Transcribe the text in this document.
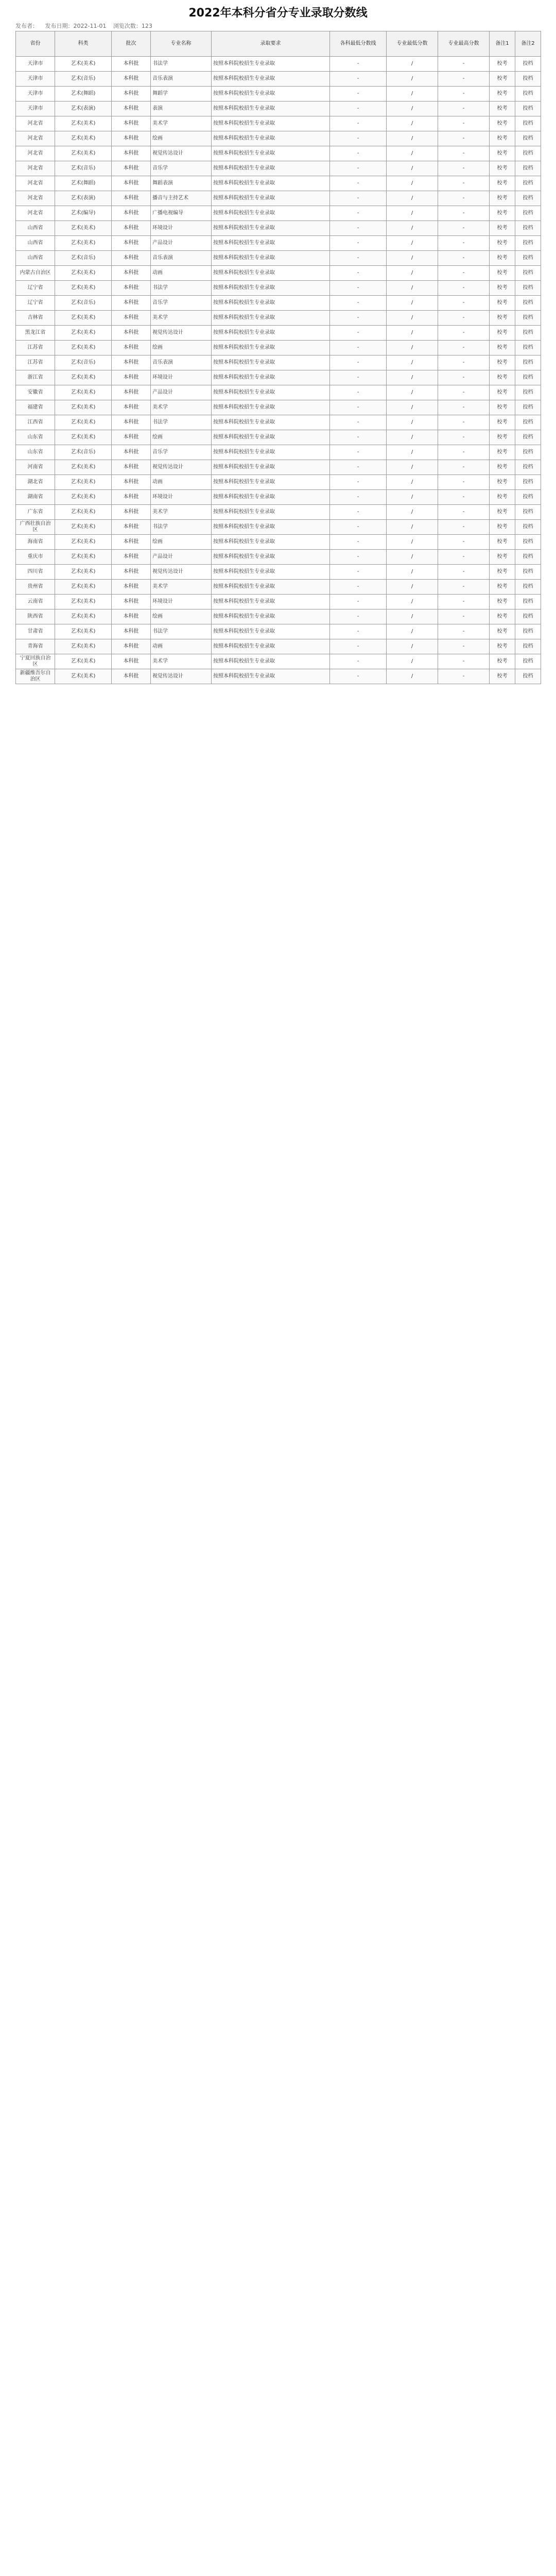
2022年本科分省分专业录取分数线
发布者： 发布日期：2022-11-01 浏览次数：123
省份	科类	批次	专业名称	录取要求	各科最低分数线	专业最低分数	专业最高分数	备注1	备注2
天津市	艺术(美术)	本科批	书法学	按照本科院校招生专业录取	-	/	-	校考	投档
天津市	艺术(音乐)	本科批	音乐表演	按照本科院校招生专业录取	-	/	-	校考	投档
天津市	艺术(舞蹈)	本科批	舞蹈学	按照本科院校招生专业录取	-	/	-	校考	投档
天津市	艺术(表演)	本科批	表演	按照本科院校招生专业录取	-	/	-	校考	投档
河北省	艺术(美术)	本科批	美术学	按照本科院校招生专业录取	-	/	-	校考	投档
河北省	艺术(美术)	本科批	绘画	按照本科院校招生专业录取	-	/	-	校考	投档
河北省	艺术(美术)	本科批	视觉传达设计	按照本科院校招生专业录取	-	/	-	校考	投档
河北省	艺术(音乐)	本科批	音乐学	按照本科院校招生专业录取	-	/	-	校考	投档
河北省	艺术(舞蹈)	本科批	舞蹈表演	按照本科院校招生专业录取	-	/	-	校考	投档
河北省	艺术(表演)	本科批	播音与主持艺术	按照本科院校招生专业录取	-	/	-	校考	投档
河北省	艺术(编导)	本科批	广播电视编导	按照本科院校招生专业录取	-	/	-	校考	投档
山西省	艺术(美术)	本科批	环境设计	按照本科院校招生专业录取	-	/	-	校考	投档
山西省	艺术(美术)	本科批	产品设计	按照本科院校招生专业录取	-	/	-	校考	投档
山西省	艺术(音乐)	本科批	音乐表演	按照本科院校招生专业录取	-	/	-	校考	投档
内蒙古自治区	艺术(美术)	本科批	动画	按照本科院校招生专业录取	-	/	-	校考	投档
辽宁省	艺术(美术)	本科批	书法学	按照本科院校招生专业录取	-	/	-	校考	投档
辽宁省	艺术(音乐)	本科批	音乐学	按照本科院校招生专业录取	-	/	-	校考	投档
吉林省	艺术(美术)	本科批	美术学	按照本科院校招生专业录取	-	/	-	校考	投档
黑龙江省	艺术(美术)	本科批	视觉传达设计	按照本科院校招生专业录取	-	/	-	校考	投档
江苏省	艺术(美术)	本科批	绘画	按照本科院校招生专业录取	-	/	-	校考	投档
江苏省	艺术(音乐)	本科批	音乐表演	按照本科院校招生专业录取	-	/	-	校考	投档
浙江省	艺术(美术)	本科批	环境设计	按照本科院校招生专业录取	-	/	-	校考	投档
安徽省	艺术(美术)	本科批	产品设计	按照本科院校招生专业录取	-	/	-	校考	投档
福建省	艺术(美术)	本科批	美术学	按照本科院校招生专业录取	-	/	-	校考	投档
江西省	艺术(美术)	本科批	书法学	按照本科院校招生专业录取	-	/	-	校考	投档
山东省	艺术(美术)	本科批	绘画	按照本科院校招生专业录取	-	/	-	校考	投档
山东省	艺术(音乐)	本科批	音乐学	按照本科院校招生专业录取	-	/	-	校考	投档
河南省	艺术(美术)	本科批	视觉传达设计	按照本科院校招生专业录取	-	/	-	校考	投档
湖北省	艺术(美术)	本科批	动画	按照本科院校招生专业录取	-	/	-	校考	投档
湖南省	艺术(美术)	本科批	环境设计	按照本科院校招生专业录取	-	/	-	校考	投档
广东省	艺术(美术)	本科批	美术学	按照本科院校招生专业录取	-	/	-	校考	投档
广西壮族自治区	艺术(美术)	本科批	书法学	按照本科院校招生专业录取	-	/	-	校考	投档
海南省	艺术(美术)	本科批	绘画	按照本科院校招生专业录取	-	/	-	校考	投档
重庆市	艺术(美术)	本科批	产品设计	按照本科院校招生专业录取	-	/	-	校考	投档
四川省	艺术(美术)	本科批	视觉传达设计	按照本科院校招生专业录取	-	/	-	校考	投档
贵州省	艺术(美术)	本科批	美术学	按照本科院校招生专业录取	-	/	-	校考	投档
云南省	艺术(美术)	本科批	环境设计	按照本科院校招生专业录取	-	/	-	校考	投档
陕西省	艺术(美术)	本科批	绘画	按照本科院校招生专业录取	-	/	-	校考	投档
甘肃省	艺术(美术)	本科批	书法学	按照本科院校招生专业录取	-	/	-	校考	投档
青海省	艺术(美术)	本科批	动画	按照本科院校招生专业录取	-	/	-	校考	投档
宁夏回族自治区	艺术(美术)	本科批	美术学	按照本科院校招生专业录取	-	/	-	校考	投档
新疆维吾尔自治区	艺术(美术)	本科批	视觉传达设计	按照本科院校招生专业录取	-	/	-	校考	投档
